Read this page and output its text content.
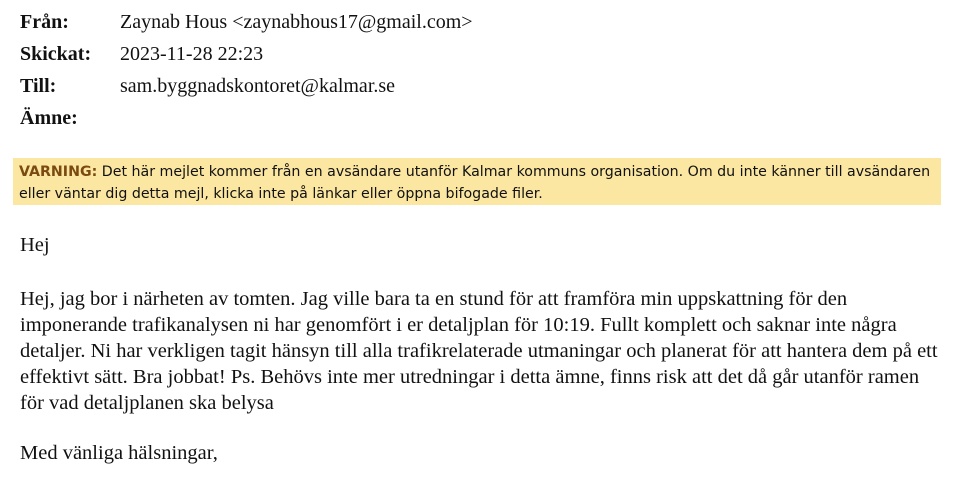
Från:	Zaynab Hous <zaynabhous17@gmail.com>
Skickat:	2023-11-28 22:23
Till:	sam.byggnadskontoret@kalmar.se
Ämne:
VARNING: Det här mejlet kommer från en avsändare utanför Kalmar kommuns organisation. Om du inte känner till avsändaren eller väntar dig detta mejl, klicka inte på länkar eller öppna bifogade filer.

Hej

Hej, jag bor i närheten av tomten. Jag ville bara ta en stund för att framföra min uppskattning för den imponerande trafikanalysen ni har genomfört i er detaljplan för 10:19. Fullt komplett och saknar inte några detaljer. Ni har verkligen tagit hänsyn till alla trafikrelaterade utmaningar och planerat för att hantera dem på ett effektivt sätt. Bra jobbat! Ps. Behövs inte mer utredningar i detta ämne, finns risk att det då går utanför ramen för vad detaljplanen ska belysa

Med vänliga hälsningar,
